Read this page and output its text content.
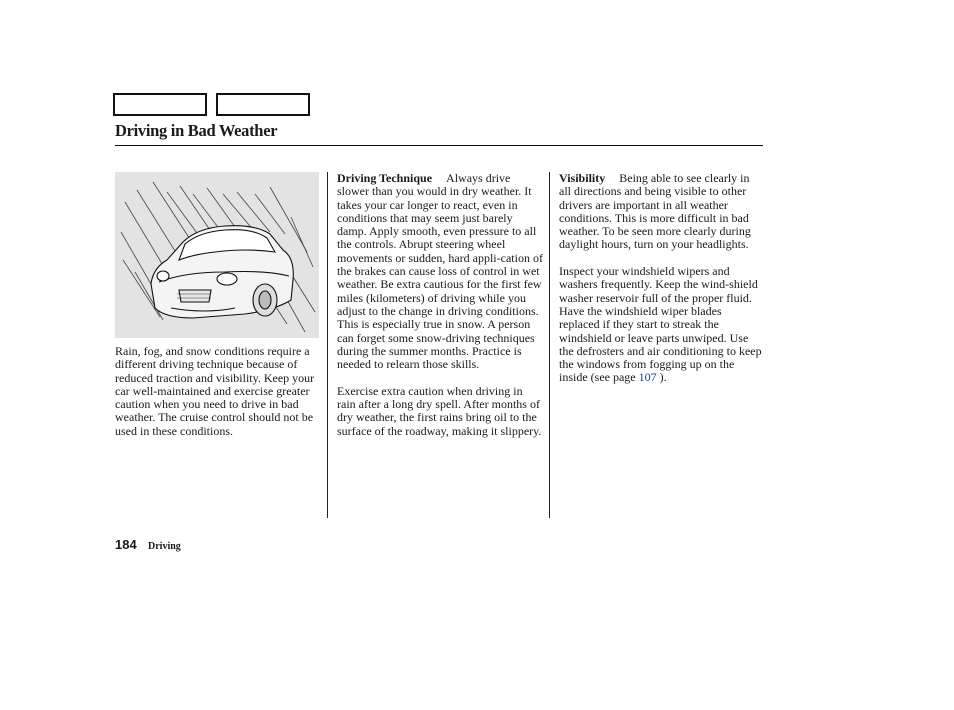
Driving in Bad Weather

Rain, fog, and snow conditions require a different driving technique because of reduced traction and visibility. Keep your car well-maintained and exercise greater caution when you need to drive in bad weather. The cruise control should not be used in these conditions.

Driving Technique Always drive slower than you would in dry weather. It takes your car longer to react, even in conditions that may seem just barely damp. Apply smooth, even pressure to all the controls. Abrupt steering wheel movements or sudden, hard appli-cation of the brakes can cause loss of control in wet weather. Be extra cautious for the first few miles (kilometers) of driving while you adjust to the change in driving conditions. This is especially true in snow. A person can forget some snow-driving techniques during the summer months. Practice is needed to relearn those skills.

Exercise extra caution when driving in rain after a long dry spell. After months of dry weather, the first rains bring oil to the surface of the roadway, making it slippery.

Visibility Being able to see clearly in all directions and being visible to other drivers are important in all weather conditions. This is more difficult in bad weather. To be seen more clearly during daylight hours, turn on your headlights.

Inspect your windshield wipers and washers frequently. Keep the wind-shield washer reservoir full of the proper fluid. Have the windshield wiper blades replaced if they start to streak the windshield or leave parts unwiped. Use the defrosters and air conditioning to keep the windows from fogging up on the inside (see page 107 ).

184 Driving
